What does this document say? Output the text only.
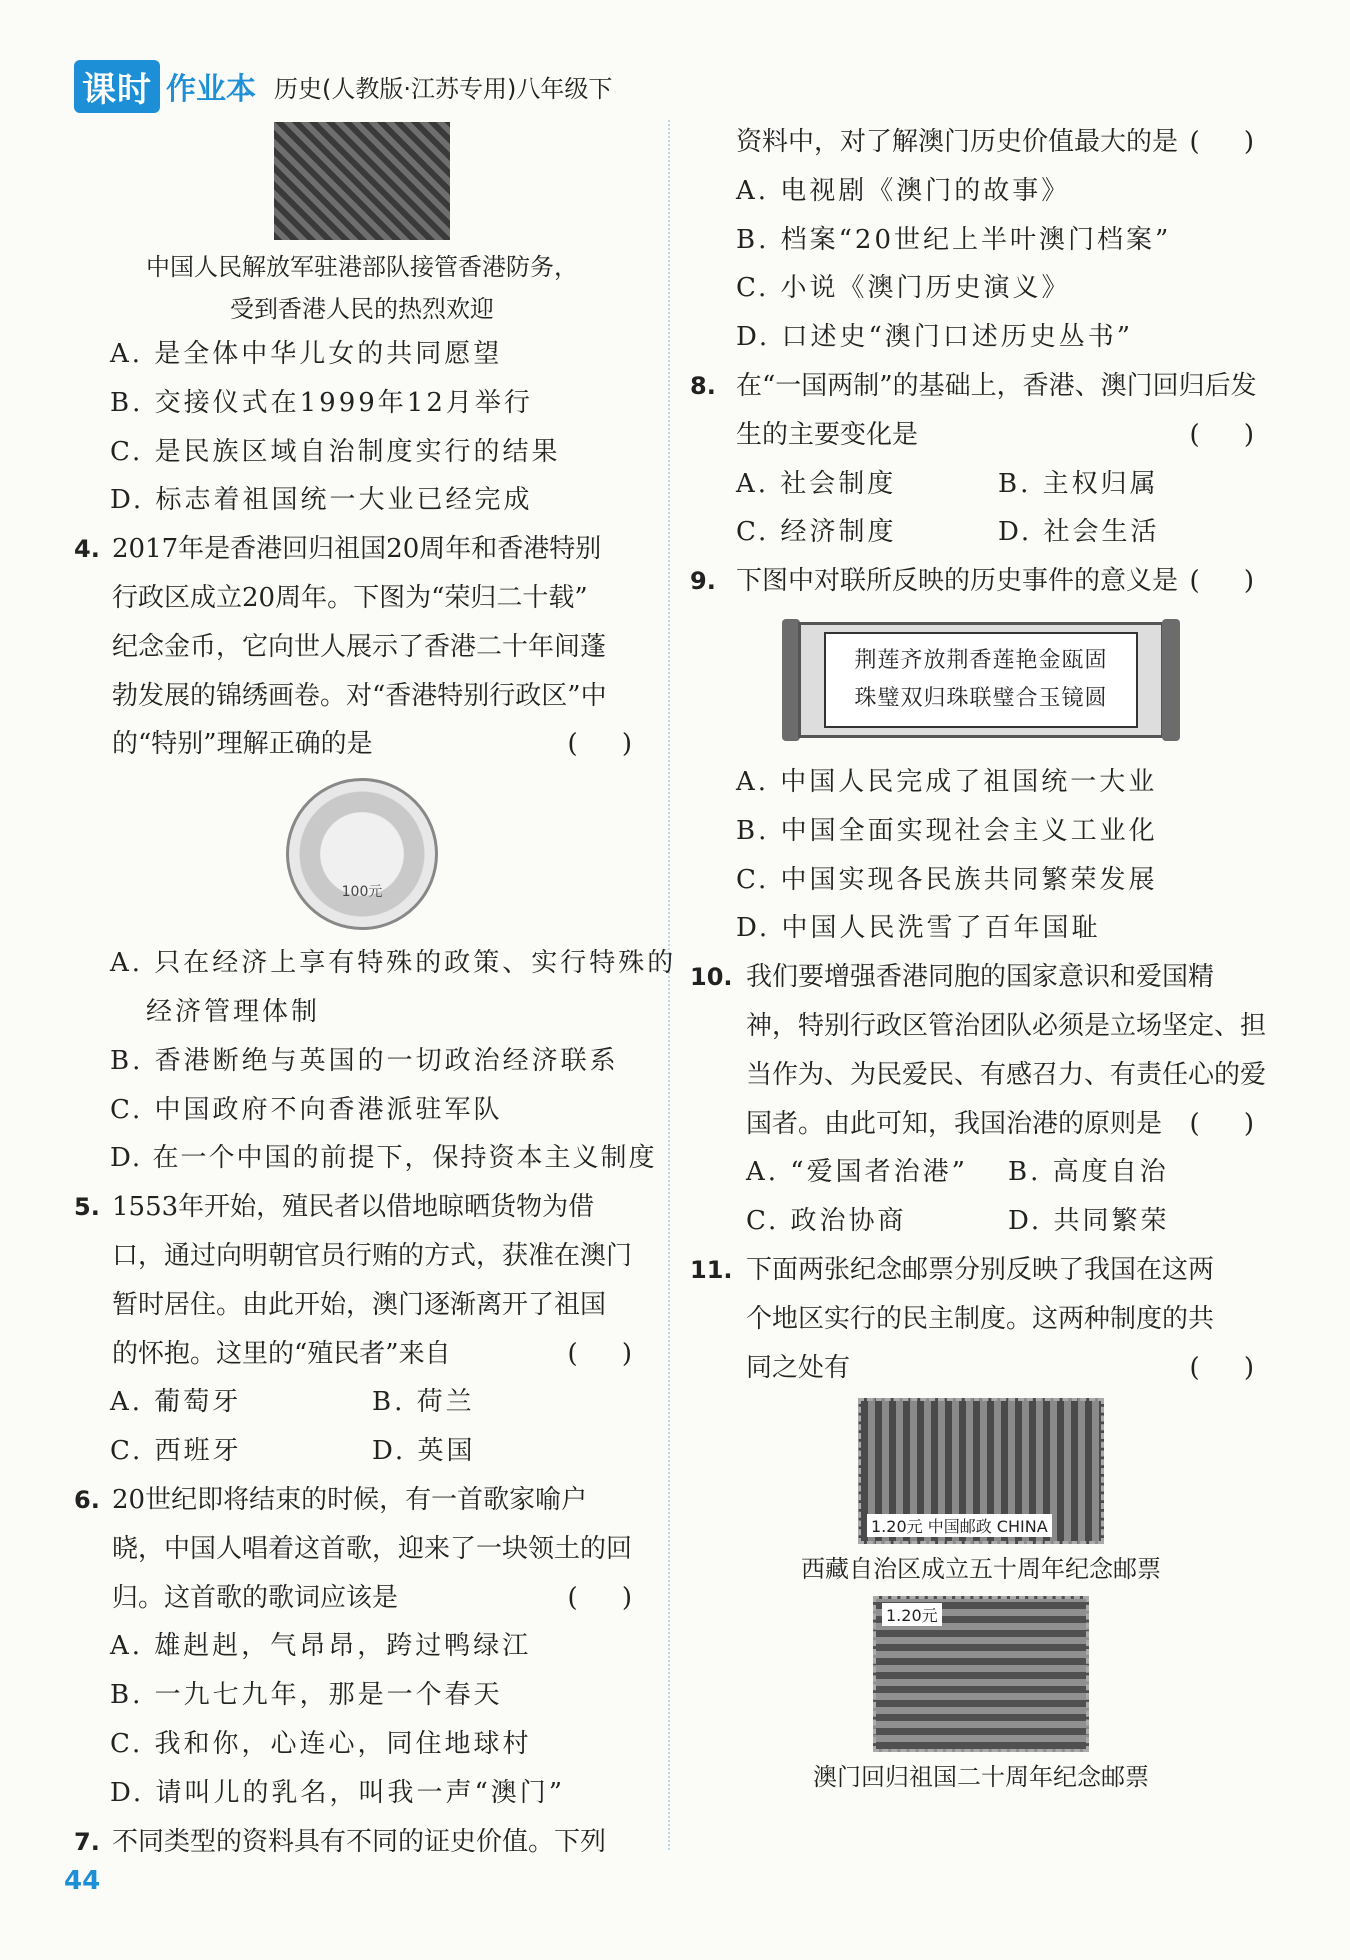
课时 作业本 历史(人教版·江苏专用)八年级下
中国人民解放军驻港部队接管香港防务，
受到香港人民的热烈欢迎
A. 是全体中华儿女的共同愿望
B. 交接仪式在1999年12月举行
C. 是民族区域自治制度实行的结果
D. 标志着祖国统一大业已经完成
4. 2017年是香港回归祖国20周年和香港特别
行政区成立20周年。下图为“荣归二十载”
纪念金币，它向世人展示了香港二十年间蓬
勃发展的锦绣画卷。对“香港特别行政区”中
的“特别”理解正确的是	( )
100元
A. 只在经济上享有特殊的政策、实行特殊的
经济管理体制
B. 香港断绝与英国的一切政治经济联系
C. 中国政府不向香港派驻军队
D. 在一个中国的前提下，保持资本主义制度
5. 1553年开始，殖民者以借地晾晒货物为借
口，通过向明朝官员行贿的方式，获准在澳门
暂时居住。由此开始，澳门逐渐离开了祖国
的怀抱。这里的“殖民者”来自	( )
A. 葡萄牙	B. 荷兰
C. 西班牙	D. 英国
6. 20世纪即将结束的时候，有一首歌家喻户
晓，中国人唱着这首歌，迎来了一块领土的回
归。这首歌的歌词应该是	( )
A. 雄赳赳，气昂昂，跨过鸭绿江
B. 一九七九年，那是一个春天
C. 我和你，心连心，同住地球村
D. 请叫儿的乳名，叫我一声“澳门”
7. 不同类型的资料具有不同的证史价值。下列
资料中，对了解澳门历史价值最大的是 ( )
A. 电视剧《澳门的故事》
B. 档案“20世纪上半叶澳门档案”
C. 小说《澳门历史演义》
D. 口述史“澳门口述历史丛书”
8. 在“一国两制”的基础上，香港、澳门回归后发
生的主要变化是	( )
A. 社会制度	B. 主权归属
C. 经济制度	D. 社会生活
9. 下图中对联所反映的历史事件的意义是 ( )
荆莲齐放荆香莲艳金瓯固
珠璧双归珠联璧合玉镜圆
A. 中国人民完成了祖国统一大业
B. 中国全面实现社会主义工业化
C. 中国实现各民族共同繁荣发展
D. 中国人民洗雪了百年国耻
10. 我们要增强香港同胞的国家意识和爱国精
神，特别行政区管治团队必须是立场坚定、担
当作为、为民爱民、有感召力、有责任心的爱
国者。由此可知，我国治港的原则是 ( )
A. “爱国者治港”	B. 高度自治
C. 政治协商	D. 共同繁荣
11. 下面两张纪念邮票分别反映了我国在这两
个地区实行的民主制度。这两种制度的共
同之处有	( )
1.20元 中国邮政 CHINA
西藏自治区成立五十周年纪念邮票
1.20元
澳门回归祖国二十周年纪念邮票
44
